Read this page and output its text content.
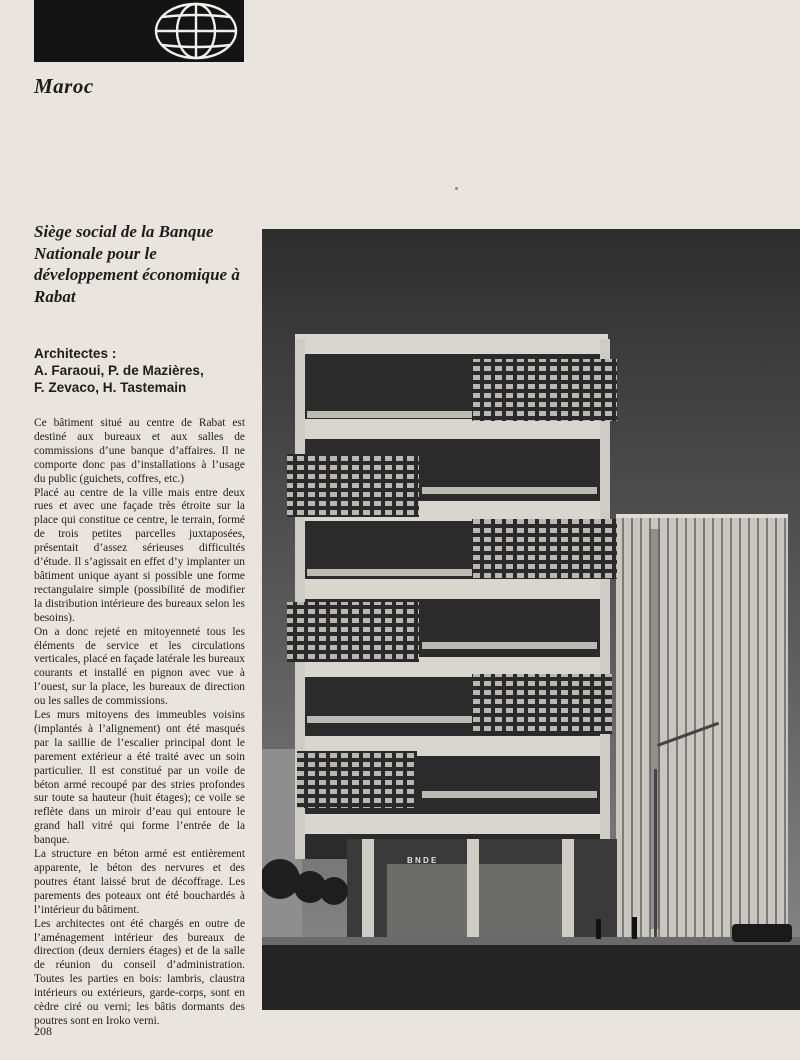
Maroc
Siège social de la Banque Nationale pour le développement économique à Rabat
Architectes :
A. Faraoui, P. de Mazières,
F. Zevaco, H. Tastemain

Ce bâtiment situé au centre de Rabat est destiné aux bureaux et aux salles de commissions d’une banque d’affaires. Il ne comporte donc pas d’installations à l’usage du public (guichets, coffres, etc.)

Placé au centre de la ville mais entre deux rues et avec une façade très étroite sur la place qui constitue ce centre, le terrain, formé de trois petites parcelles juxtaposées, présentait d’assez sérieuses difficultés d’étude. Il s’agissait en effet d’y implanter un bâtiment unique ayant si possible une forme rectangulaire simple (possibilité de modifier la distribution intérieure des bureaux selon les besoins).

On a donc rejeté en mitoyenneté tous les éléments de service et les circulations verticales, placé en façade latérale les bureaux courants et installé en pignon avec vue à l’ouest, sur la place, les bureaux de direction ou les salles de commissions.

Les murs mitoyens des immeubles voisins (implantés à l’alignement) ont été masqués par la saillie de l’escalier principal dont le parement extérieur a été traité avec un soin particulier. Il est constitué par un voile de béton armé recoupé par des stries profondes sur toute sa hauteur (huit étages); ce voile se reflète dans un miroir d’eau qui entoure le grand hall vitré qui forme l’entrée de la banque.

La structure en béton armé est entièrement apparente, le béton des nervures et des poutres étant laissé brut de décoffrage. Les parements des poteaux ont été bouchardés à l’intérieur du bâtiment.

Les architectes ont été chargés en outre de l’aménagement intérieur des bureaux de direction (deux derniers étages) et de la salle de réunion du conseil d’administration. Toutes les parties en bois: lambris, claustra intérieurs ou extérieurs, garde-corps, sont en cèdre ciré ou verni; les bâtis dormants des poutres sont en Iroko verni.

208
B N D E
